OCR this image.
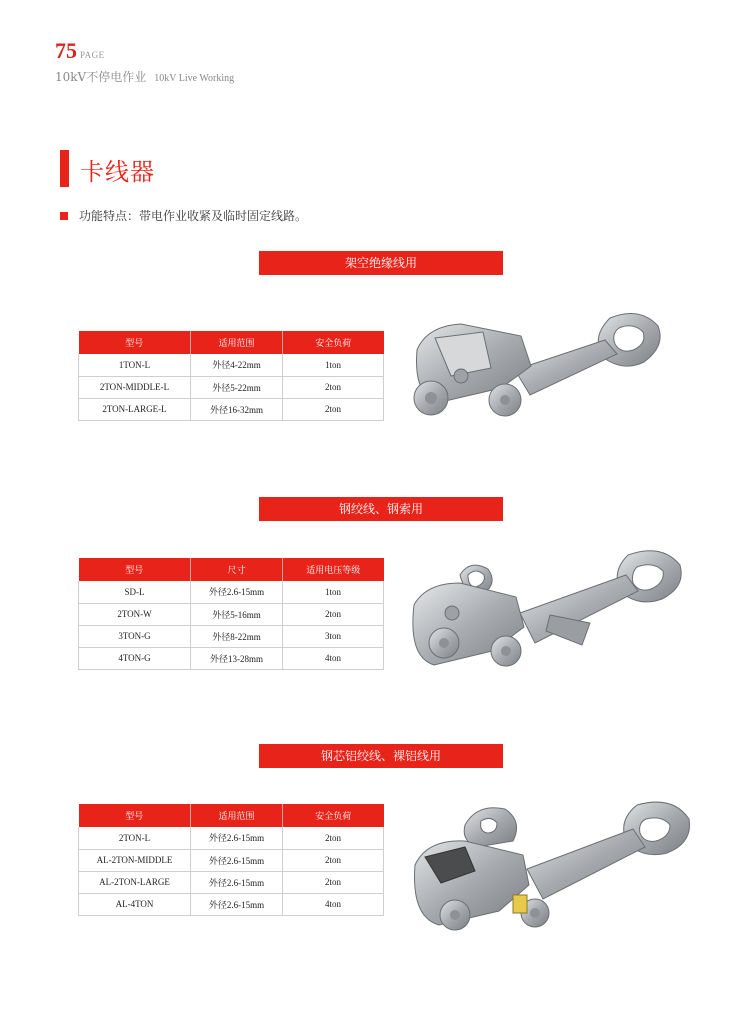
75 PAGE
10kV不停电作业 10kV Live Working
卡线器
功能特点：带电作业收紧及临时固定线路。
架空绝缘线用
型号	适用范围	安全负荷
1TON-L	外径4-22mm	1ton
2TON-MIDDLE-L	外径5-22mm	2ton
2TON-LARGE-L	外径16-32mm	2ton
钢绞线、钢索用
型号	尺寸	适用电压等级
SD-L	外径2.6-15mm	1ton
2TON-W	外径5-16mm	2ton
3TON-G	外径8-22mm	3ton
4TON-G	外径13-28mm	4ton
钢芯铝绞线、裸铝线用
型号	适用范围	安全负荷
2TON-L	外径2.6-15mm	2ton
AL-2TON-MIDDLE	外径2.6-15mm	2ton
AL-2TON-LARGE	外径2.6-15mm	2ton
AL-4TON	外径2.6-15mm	4ton
